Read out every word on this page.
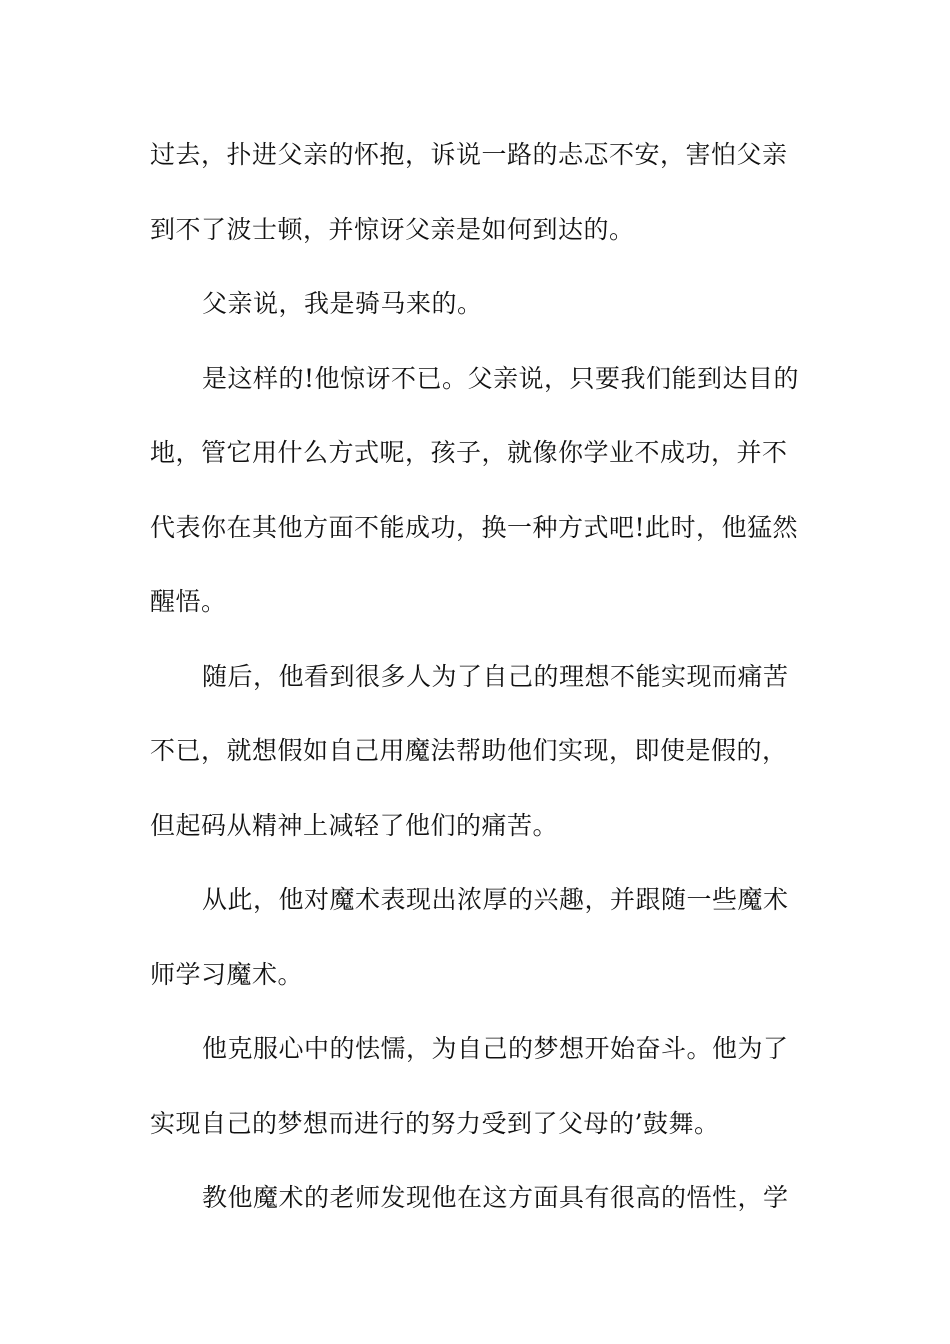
过去，扑进父亲的怀抱，诉说一路的忐忑不安，害怕父亲
到不了波士顿，并惊讶父亲是如何到达的。
父亲说，我是骑马来的。
是这样的!他惊讶不已。父亲说，只要我们能到达目的
地，管它用什么方式呢，孩子，就像你学业不成功，并不
代表你在其他方面不能成功，换一种方式吧!此时，他猛然
醒悟。
随后，他看到很多人为了自己的理想不能实现而痛苦
不已，就想假如自己用魔法帮助他们实现，即使是假的，
但起码从精神上减轻了他们的痛苦。
从此，他对魔术表现出浓厚的兴趣，并跟随一些魔术
师学习魔术。
他克服心中的怯懦，为自己的梦想开始奋斗。他为了
实现自己的梦想而进行的努力受到了父母的’鼓舞。
教他魔术的老师发现他在这方面具有很高的悟性，学
